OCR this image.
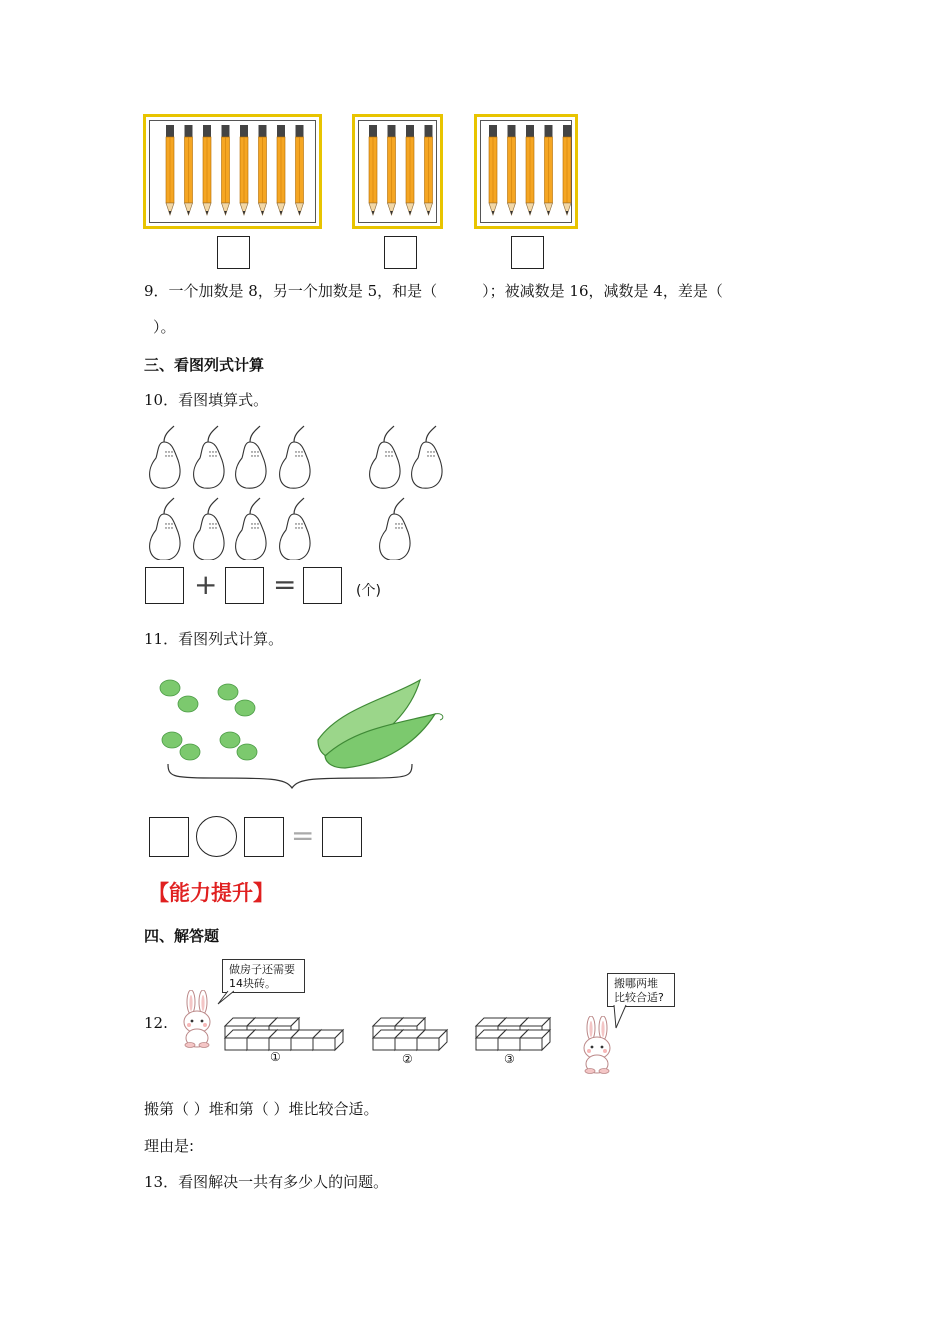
9．一个加数是 8，另一个加数是 5，和是（　　　）；被减数是 16，减数是 4，差是（
　）。
三、看图列式计算
10．看图填算式。
+ =	(个)
11．看图列式计算。
=
【能力提升】
四、解答题
12.
做房子还需要14块砖。	搬哪两堆比较合适?
①	②	③
搬第（ ）堆和第（ ）堆比较合适。
理由是:
13．看图解决一共有多少人的问题。
